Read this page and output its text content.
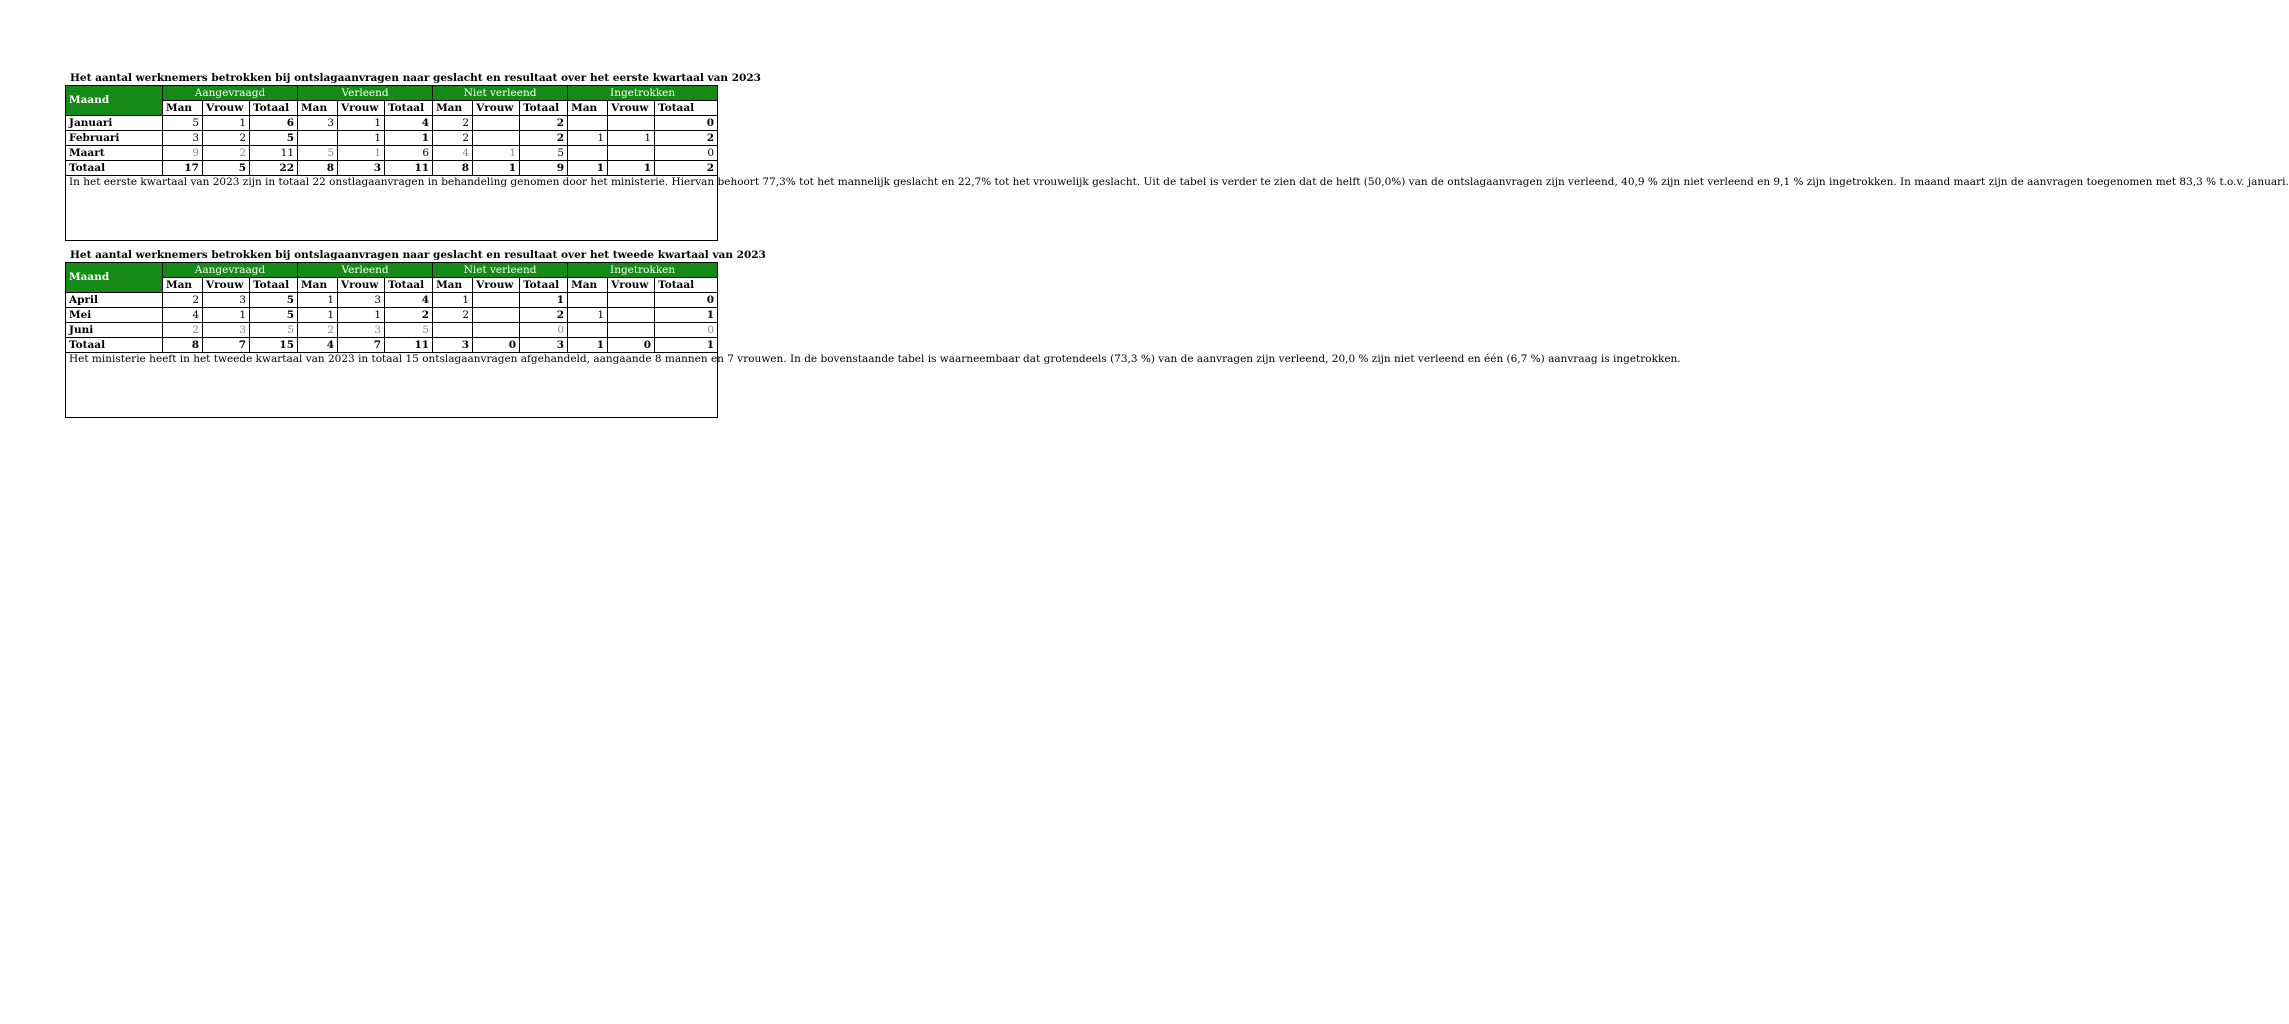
Het aantal werknemers betrokken bij ontslagaanvragen naar geslacht en resultaat over het eerste kwartaal van 2023
Maand	Aangevraagd			Verleend			Niet verleend			Ingetrokken		
	Man	Vrouw	Totaal	Man	Vrouw	Totaal	Man	Vrouw	Totaal	Man	Vrouw	Totaal
Januari	5	1	6	3	1	4	2		2			0
Februari	3	2	5		1	1	2		2	1	1	2
Maart	9	2	11	5	1	6	4	1	5			0
Totaal	17	5	22	8	3	11	8	1	9	1	1	2
In het eerste kwartaal van 2023 zijn in totaal 22 onstlagaanvragen in behandeling genomen door het ministerie. Hiervan behoort 77,3% tot het mannelijk geslacht en 22,7% tot het vrouwelijk geslacht. Uit de tabel is verder te zien dat de helft (50,0%) van de ontslagaanvragen zijn verleend, 40,9 % zijn niet verleend en 9,1 % zijn ingetrokken. In maand maart zijn de aanvragen toegenomen met 83,3 % t.o.v. januari.												
Het aantal werknemers betrokken bij ontslagaanvragen naar geslacht en resultaat over het tweede kwartaal van 2023
Maand	Aangevraagd			Verleend			Niet verleend			Ingetrokken		
	Man	Vrouw	Totaal	Man	Vrouw	Totaal	Man	Vrouw	Totaal	Man	Vrouw	Totaal
April	2	3	5	1	3	4	1		1			0
Mei	4	1	5	1	1	2	2		2	1		1
Juni	2	3	5	2	3	5			0			0
Totaal	8	7	15	4	7	11	3	0	3	1	0	1
Het ministerie heeft in het tweede kwartaal van 2023 in totaal 15 ontslagaanvragen afgehandeld, aangaande 8 mannen en 7 vrouwen. In de bovenstaande tabel is waarneembaar dat grotendeels (73,3 %) van de aanvragen zijn verleend, 20,0 % zijn niet verleend en één (6,7 %) aanvraag is ingetrokken.												
